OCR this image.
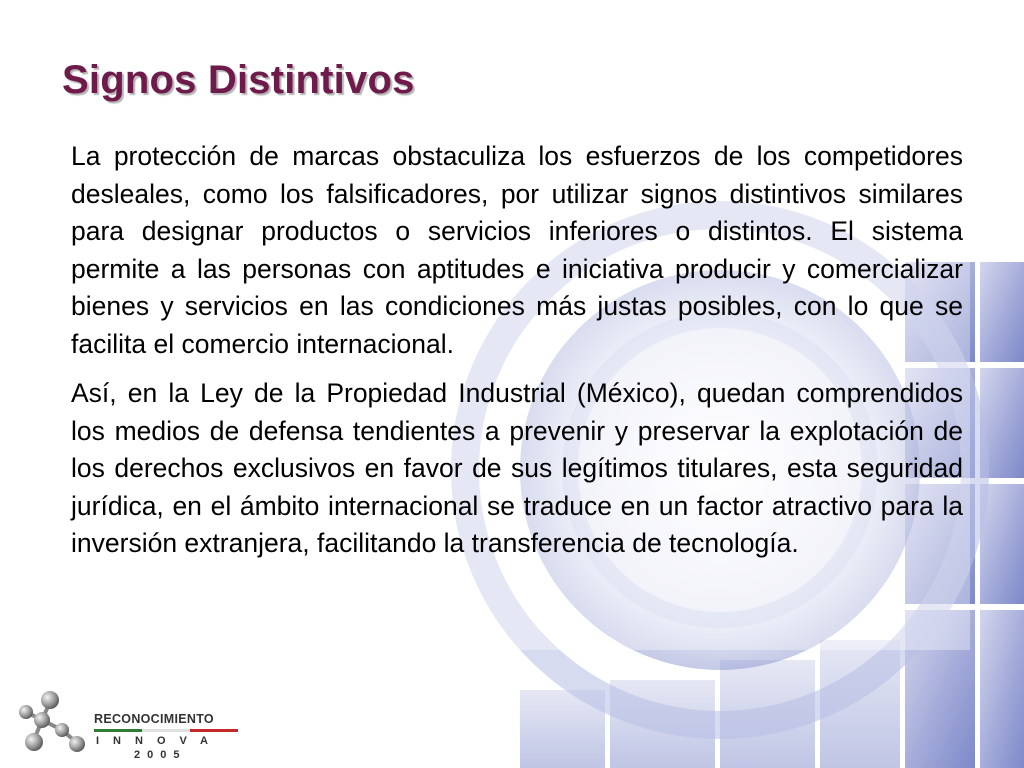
Signos Distintivos

La protección de marcas obstaculiza los esfuerzos de los competidores desleales, como los falsificadores, por utilizar signos distintivos similares para designar productos o servicios inferiores o distintos. El sistema permite a las personas con aptitudes e iniciativa producir y comercializar bienes y servicios en las condiciones más justas posibles, con lo que se facilita el comercio internacional.

Así, en la Ley de la Propiedad Industrial (México), quedan comprendidos los medios de defensa tendientes a prevenir y preservar la explotación de los derechos exclusivos en favor de sus legítimos titulares, esta seguridad jurídica, en el ámbito internacional se traduce en un factor atractivo para la inversión extranjera, facilitando la transferencia de tecnología.

RECONOCIMIENTO
INNOVA
2005
